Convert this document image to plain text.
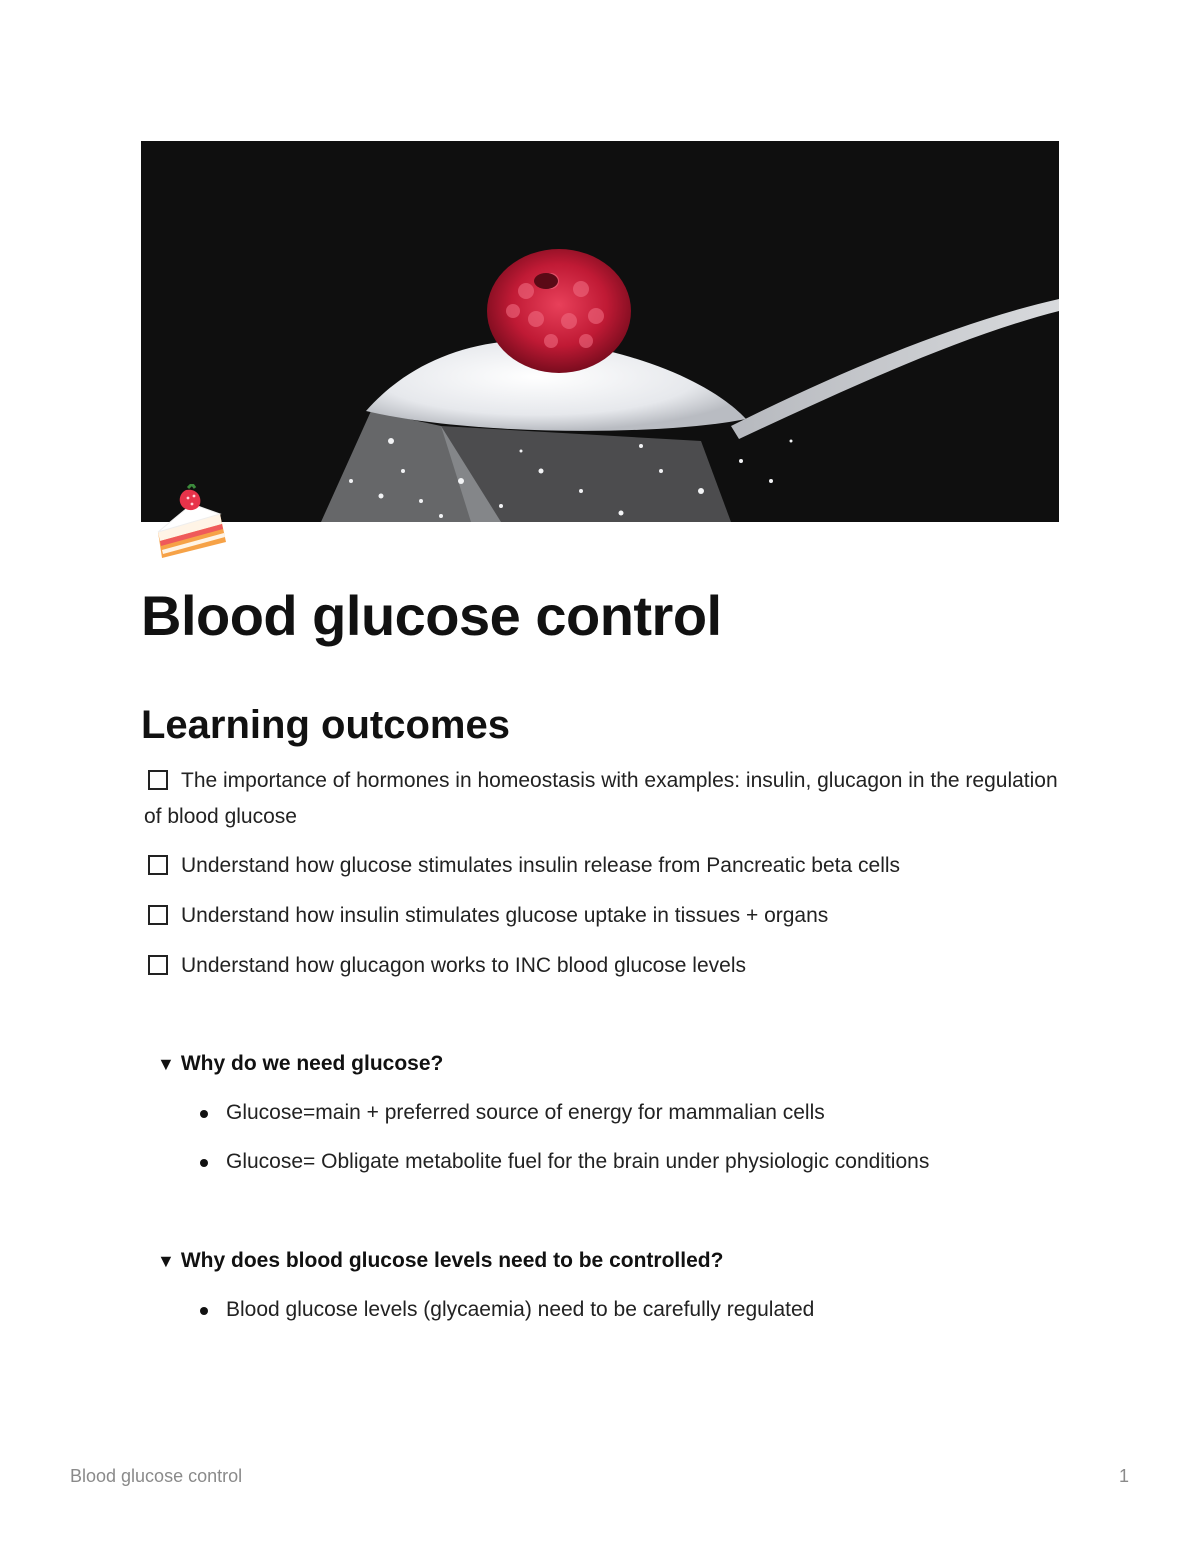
Blood glucose control
Learning outcomes
The importance of hormones in homeostasis with examples: insulin, glucagon in the regulation of blood glucose
Understand how glucose stimulates insulin release from Pancreatic beta cells
Understand how insulin stimulates glucose uptake in tissues + organs
Understand how glucagon works to INC blood glucose levels
▼ Why do we need glucose?
Glucose=main + preferred source of energy for mammalian cells
Glucose= Obligate metabolite fuel for the brain under physiologic conditions
▼ Why does blood glucose levels need to be controlled?
Blood glucose levels (glycaemia) need to be carefully regulated
Blood glucose control	1
